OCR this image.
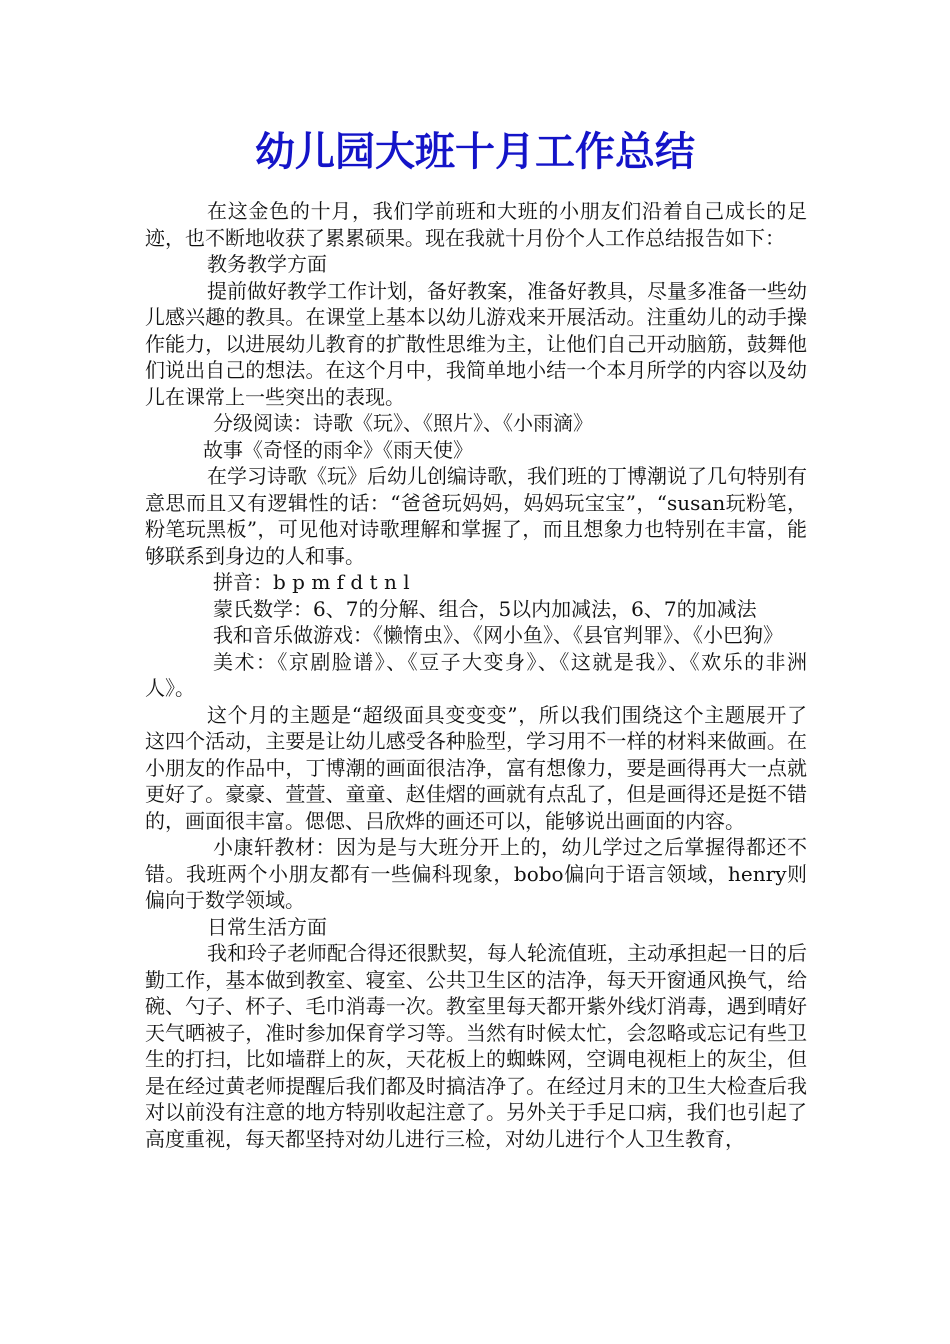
幼儿园大班十月工作总结

在这金色的十月，我们学前班和大班的小朋友们沿着自己成长的足迹，也不断地收获了累累硕果。现在我就十月份个人工作总结报告如下：

教务教学方面

提前做好教学工作计划，备好教案，准备好教具，尽量多准备一些幼儿感兴趣的教具。在课堂上基本以幼儿游戏来开展活动。注重幼儿的动手操作能力，以进展幼儿教育的扩散性思维为主，让他们自己开动脑筋，鼓舞他们说出自己的想法。在这个月中，我简单地小结一个本月所学的内容以及幼儿在课常上一些突出的表现。

分级阅读：诗歌《玩》、《照片》、《小雨滴》

故事《奇怪的雨伞》《雨天使》

在学习诗歌《玩》后幼儿创编诗歌，我们班的丁博潮说了几句特别有意思而且又有逻辑性的话：“爸爸玩妈妈，妈妈玩宝宝”，“susan玩粉笔，粉笔玩黑板”，可见他对诗歌理解和掌握了，而且想象力也特别在丰富，能够联系到身边的人和事。

拼音：b p m f d t n l

蒙氏数学：6、7的分解、组合，5以内加减法，6、7的加减法

我和音乐做游戏：《懒惰虫》、《网小鱼》、《县官判罪》、《小巴狗》

美术：《京剧脸谱》、《豆子大变身》、《这就是我》、《欢乐的非洲人》。

这个月的主题是“超级面具变变变”，所以我们围绕这个主题展开了这四个活动，主要是让幼儿感受各种脸型，学习用不一样的材料来做画。在小朋友的作品中，丁博潮的画面很洁净，富有想像力，要是画得再大一点就更好了。豪豪、萱萱、童童、赵佳熠的画就有点乱了，但是画得还是挺不错的，画面很丰富。偲偲、吕欣烨的画还可以，能够说出画面的内容。

小康轩教材：因为是与大班分开上的，幼儿学过之后掌握得都还不错。我班两个小朋友都有一些偏科现象，bobo偏向于语言领域，henry则偏向于数学领域。

日常生活方面

我和玲子老师配合得还很默契，每人轮流值班，主动承担起一日的后勤工作，基本做到教室、寝室、公共卫生区的洁净，每天开窗通风换气，给碗、勺子、杯子、毛巾消毒一次。教室里每天都开紫外线灯消毒，遇到晴好天气晒被子，准时参加保育学习等。当然有时候太忙，会忽略或忘记有些卫生的打扫，比如墙群上的灰，天花板上的蜘蛛网，空调电视柜上的灰尘，但是在经过黄老师提醒后我们都及时搞洁净了。在经过月末的卫生大检查后我对以前没有注意的地方特别收起注意了。另外关于手足口病，我们也引起了高度重视，每天都坚持对幼儿进行三检，对幼儿进行个人卫生教育，
